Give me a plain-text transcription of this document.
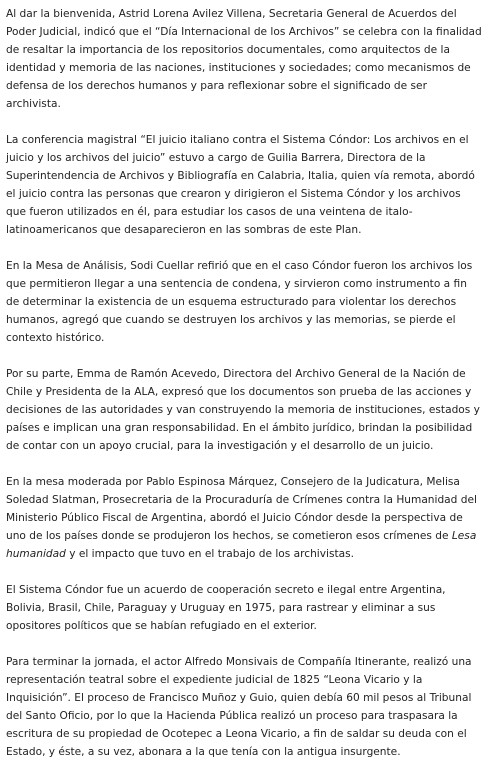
Al dar la bienvenida, Astrid Lorena Avilez Villena, Secretaria General de Acuerdos del Poder Judicial, indicó que el “Día Internacional de los Archivos” se celebra con la finalidad de resaltar la importancia de los repositorios documentales, como arquitectos de la identidad y memoria de las naciones, instituciones y sociedades; como mecanismos de defensa de los derechos humanos y para reflexionar sobre el significado de ser archivista.

La conferencia magistral “El juicio italiano contra el Sistema Cóndor: Los archivos en el juicio y los archivos del juicio” estuvo a cargo de Guilia Barrera, Directora de la Superintendencia de Archivos y Bibliografía en Calabria, Italia, quien vía remota, abordó el juicio contra las personas que crearon y dirigieron el Sistema Cóndor y los archivos que fueron utilizados en él, para estudiar los casos de una veintena de italo-latinoamericanos que desaparecieron en las sombras de este Plan.

En la Mesa de Análisis, Sodi Cuellar refirió que en el caso Cóndor fueron los archivos los que permitieron llegar a una sentencia de condena, y sirvieron como instrumento a fin de determinar la existencia de un esquema estructurado para violentar los derechos humanos, agregó que cuando se destruyen los archivos y las memorias, se pierde el contexto histórico.

Por su parte, Emma de Ramón Acevedo, Directora del Archivo General de la Nación de Chile y Presidenta de la ALA, expresó que los documentos son prueba de las acciones y decisiones de las autoridades y van construyendo la memoria de instituciones, estados y países e implican una gran responsabilidad. En el ámbito jurídico, brindan la posibilidad de contar con un apoyo crucial, para la investigación y el desarrollo de un juicio.

En la mesa moderada por Pablo Espinosa Márquez, Consejero de la Judicatura, Melisa Soledad Slatman, Prosecretaria de la Procuraduría de Crímenes contra la Humanidad del Ministerio Público Fiscal de Argentina, abordó el Juicio Cóndor desde la perspectiva de uno de los países donde se produjeron los hechos, se cometieron esos crímenes de Lesa humanidad y el impacto que tuvo en el trabajo de los archivistas.

El Sistema Cóndor fue un acuerdo de cooperación secreto e ilegal entre Argentina, Bolivia, Brasil, Chile, Paraguay y Uruguay en 1975, para rastrear y eliminar a sus opositores políticos que se habían refugiado en el exterior.

Para terminar la jornada, el actor Alfredo Monsivais de Compañía Itinerante, realizó una representación teatral sobre el expediente judicial de 1825 “Leona Vicario y la Inquisición”. El proceso de Francisco Muñoz y Guio, quien debía 60 mil pesos al Tribunal del Santo Oficio, por lo que la Hacienda Pública realizó un proceso para traspasara la escritura de su propiedad de Ocotepec a Leona Vicario, a fin de saldar su deuda con el Estado, y éste, a su vez, abonara a la que tenía con la antigua insurgente.
